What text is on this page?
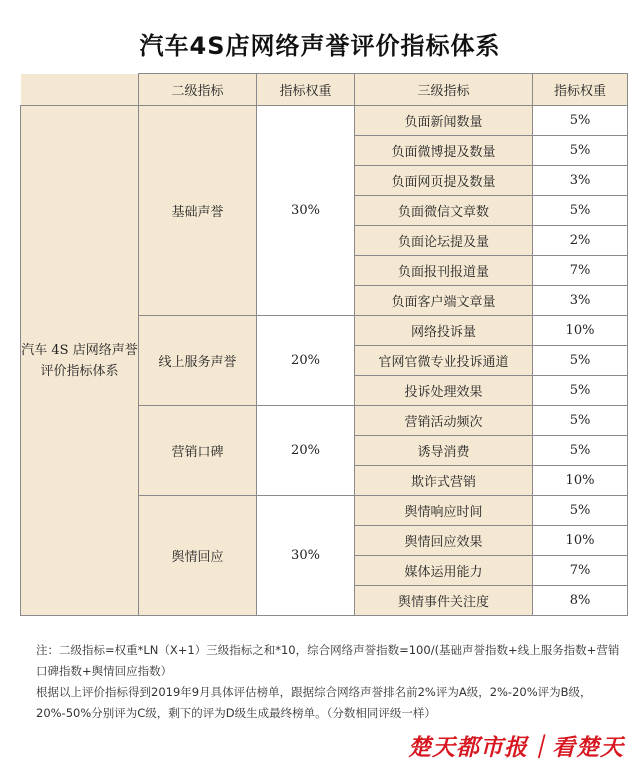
汽车4S店网络声誉评价指标体系
	二级指标	指标权重	三级指标	指标权重
汽车 4S 店网络声誉评价指标体系	基础声誉	30%	负面新闻数量	5%
			负面微博提及数量	5%
			负面网页提及数量	3%
			负面微信文章数	5%
			负面论坛提及量	2%
			负面报刊报道量	7%
			负面客户端文章量	3%
	线上服务声誉	20%	网络投诉量	10%
			官网官微专业投诉通道	5%
			投诉处理效果	5%
	营销口碑	20%	营销活动频次	5%
			诱导消费	5%
			欺诈式营销	10%
	舆情回应	30%	舆情响应时间	5%
			舆情回应效果	10%
			媒体运用能力	7%
			舆情事件关注度	8%

注：二级指标=权重*LN（X+1）三级指标之和*10，综合网络声誉指数=100/(基础声誉指数+线上服务指数+营销口碑指数+舆情回应指数）

根据以上评价指标得到2019年9月具体评估榜单，跟据综合网络声誉排名前2%评为A级，2%-20%评为B级，20%-50%分别评为C级，剩下的评为D级生成最终榜单。（分数相同评级一样）

楚天都市报｜看楚天
